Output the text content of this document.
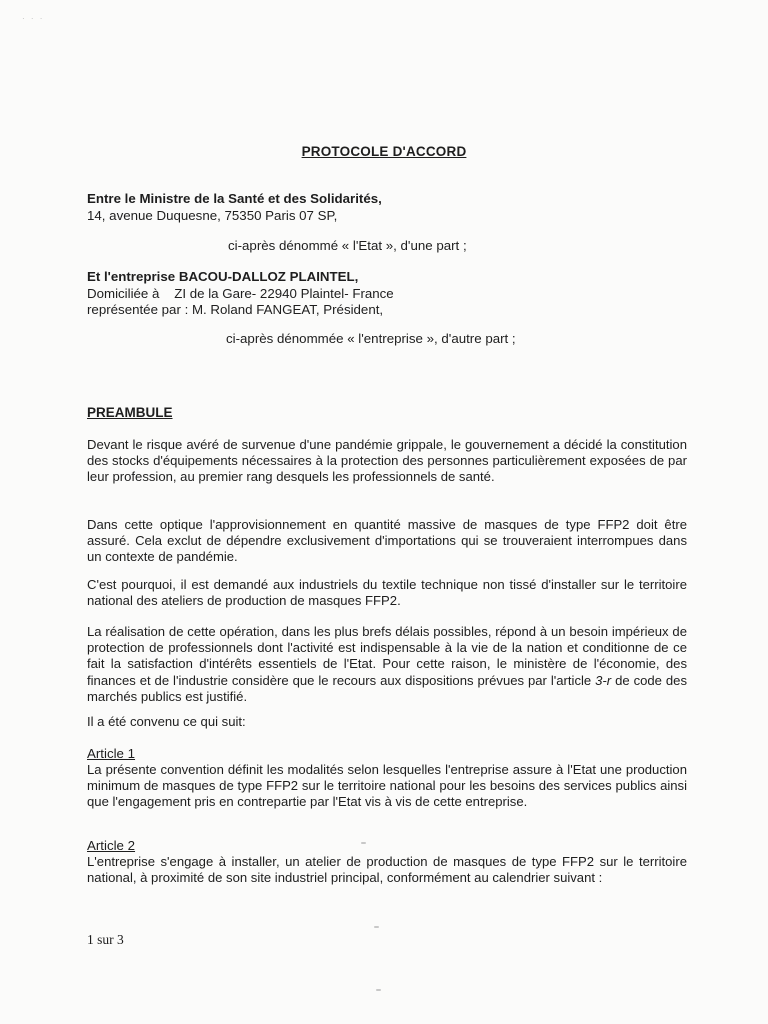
· · ·
PROTOCOLE D'ACCORD
Entre le Ministre de la Santé et des Solidarités,
14, avenue Duquesne, 75350 Paris 07 SP,
ci-après dénommé « l'Etat », d'une part ;
Et l'entreprise BACOU-DALLOZ PLAINTEL,
Domiciliée à    ZI de la Gare- 22940 Plaintel- France
représentée par : M. Roland FANGEAT, Président,
ci-après dénommée « l'entreprise », d'autre part ;
PREAMBULE

Devant le risque avéré de survenue d'une pandémie grippale, le gouvernement a décidé la constitution des stocks d'équipements nécessaires à la protection des personnes particulièrement exposées de par leur profession, au premier rang desquels les professionnels de santé.

Dans cette optique l'approvisionnement en quantité massive de masques de type FFP2 doit être assuré. Cela exclut de dépendre exclusivement d'importations qui se trouveraient interrompues dans un contexte de pandémie.

C'est pourquoi, il est demandé aux industriels du textile technique non tissé d'installer sur le territoire national des ateliers de production de masques FFP2.

La réalisation de cette opération, dans les plus brefs délais possibles, répond à un besoin impérieux de protection de professionnels dont l'activité est indispensable à la vie de la nation et conditionne de ce fait la satisfaction d'intérêts essentiels de l'Etat. Pour cette raison, le ministère de l'économie, des finances et de l'industrie considère que le recours aux dispositions prévues par l'article 3-r de code des marchés publics est justifié.

Il a été convenu ce qui suit:

Article 1

La présente convention définit les modalités selon lesquelles l'entreprise assure à l'Etat une production minimum de masques de type FFP2 sur le territoire national pour les besoins des services publics ainsi que l'engagement pris en contrepartie par l'Etat vis à vis de cette entreprise.

Article 2

L'entreprise s'engage à installer, un atelier de production de masques de type FFP2 sur le territoire national, à proximité de son site industriel principal, conformément au calendrier suivant :

1 sur 3
